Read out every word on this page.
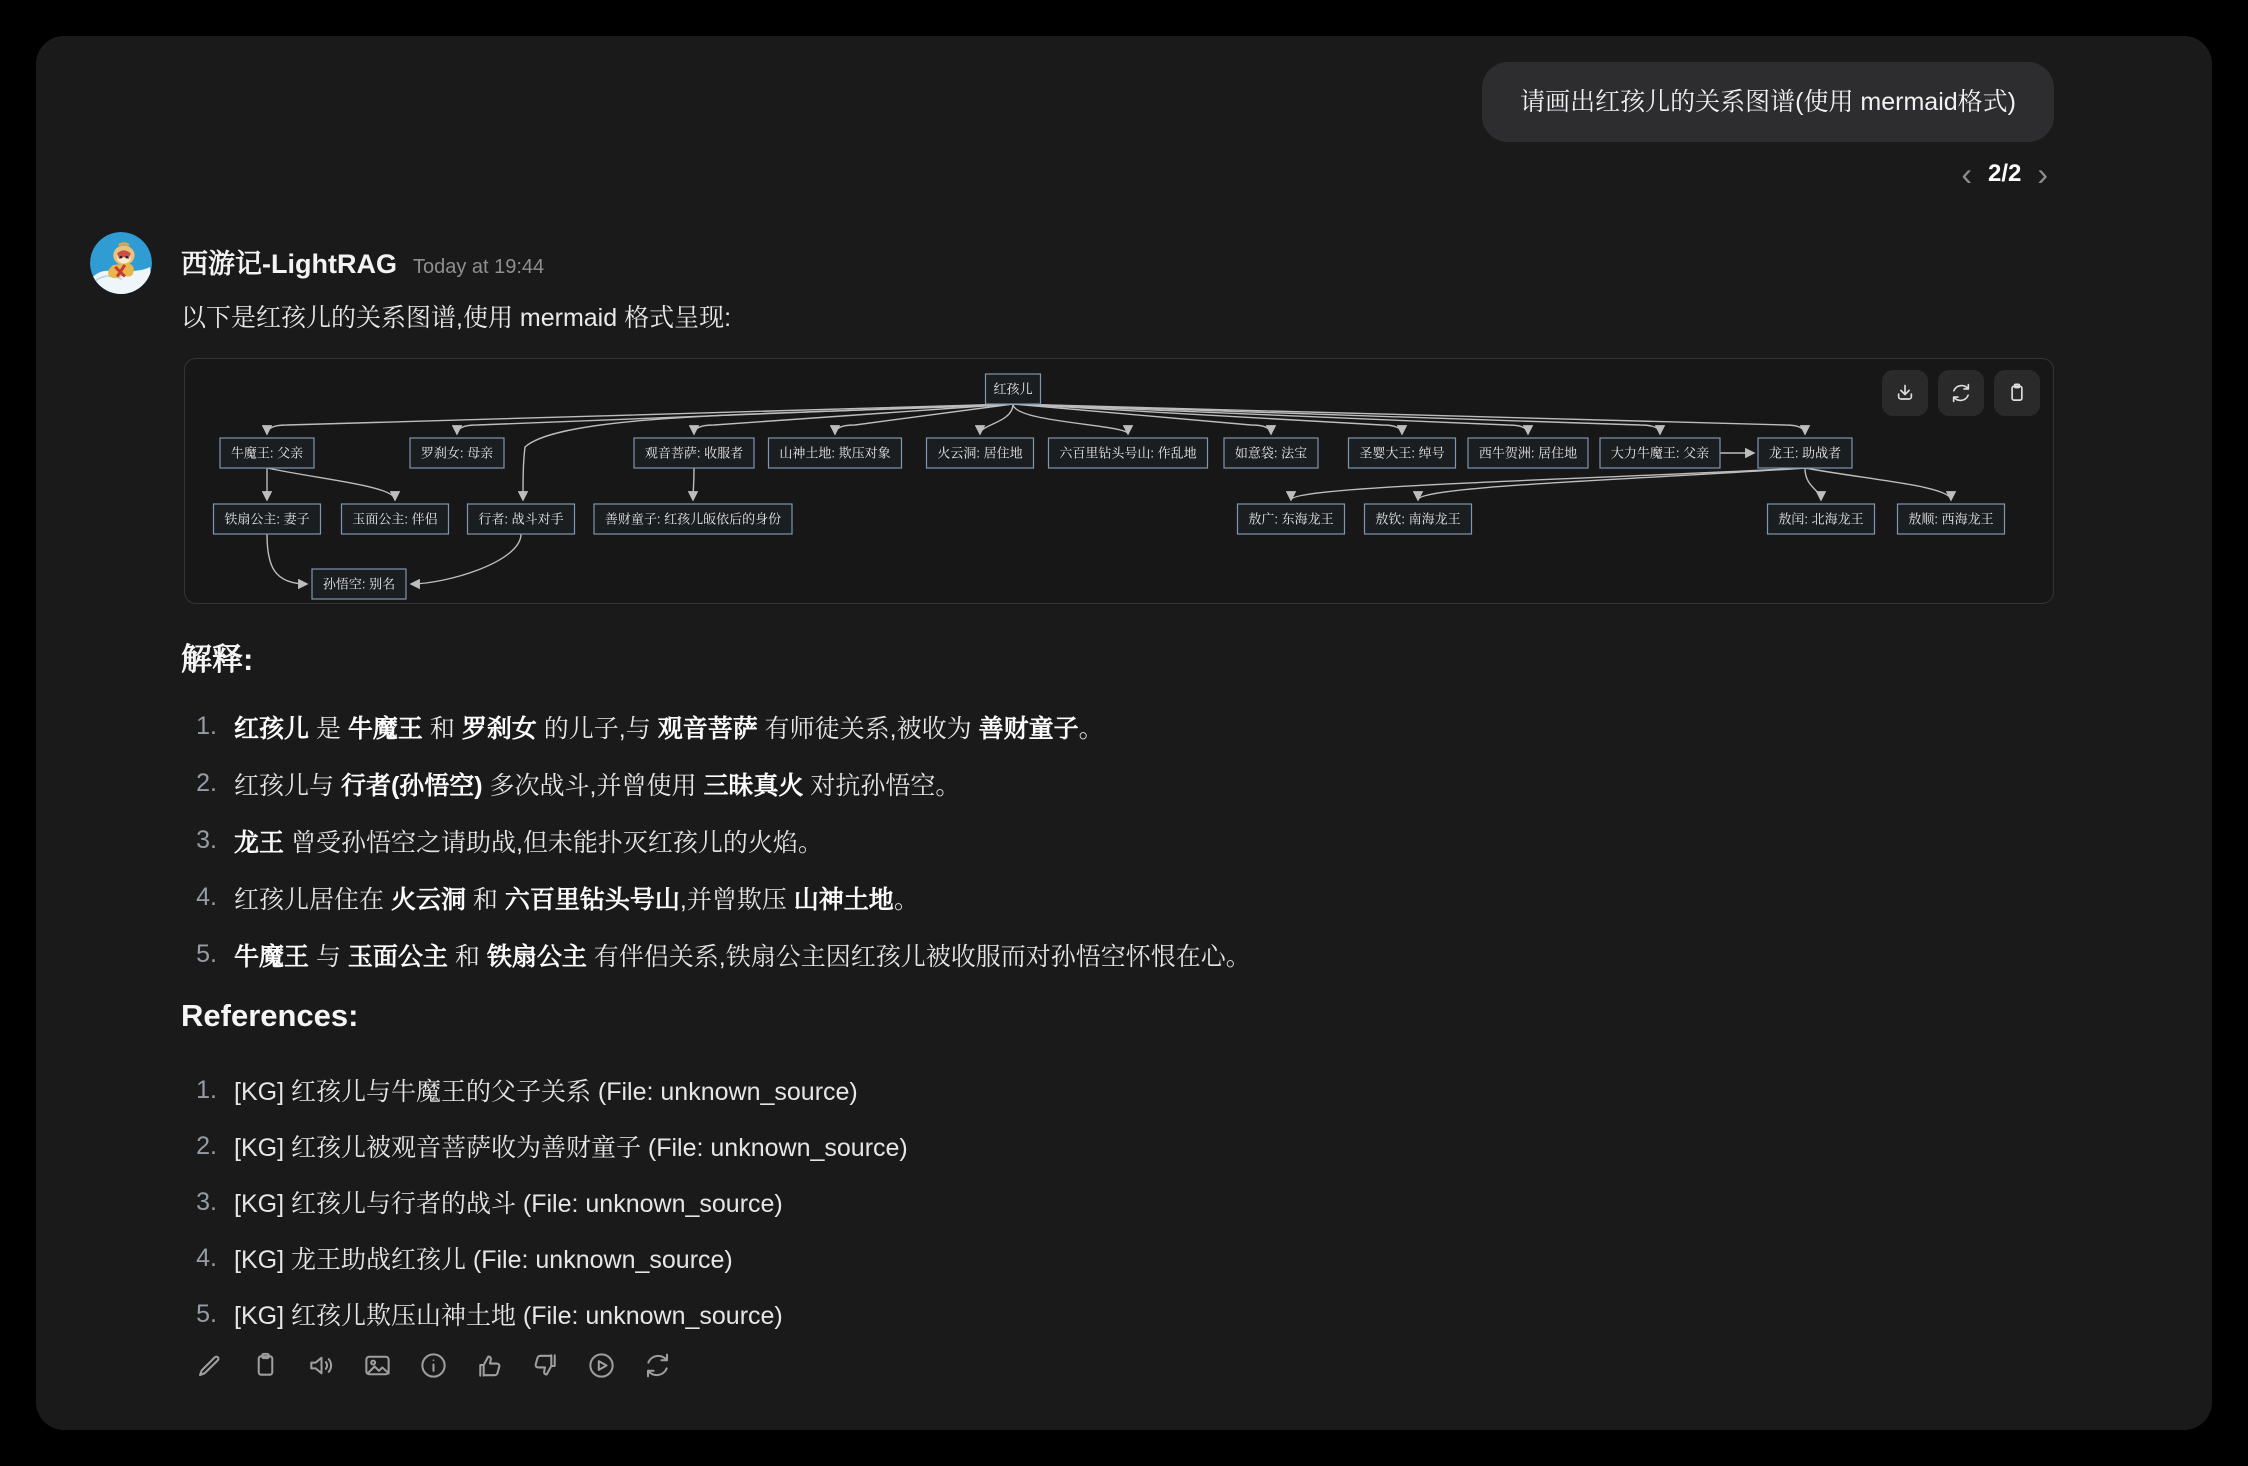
请画出红孩儿的关系图谱(使用 mermaid格式)
‹ 2/2 ›
西游记-LightRAG Today at 19:44
以下是红孩儿的关系图谱,使用 mermaid 格式呈现:
红孩儿
牛魔王: 父亲	罗刹女: 母亲	观音菩萨: 收服者	山神土地: 欺压对象	火云洞: 居住地	六百里钻头号山: 作乱地	如意袋: 法宝	圣婴大王: 绰号	西牛贺洲: 居住地	大力牛魔王: 父亲	龙王: 助战者
铁扇公主: 妻子	玉面公主: 伴侣	行者: 战斗对手	善财童子: 红孩儿皈依后的身份	敖广: 东海龙王	敖钦: 南海龙王	敖闰: 北海龙王	敖顺: 西海龙王
孙悟空: 别名
解释:
红孩儿 是 牛魔王 和 罗刹女 的儿子,与 观音菩萨 有师徒关系,被收为 善财童子。
红孩儿与 行者(孙悟空) 多次战斗,并曾使用 三昧真火 对抗孙悟空。
龙王 曾受孙悟空之请助战,但未能扑灭红孩儿的火焰。
红孩儿居住在 火云洞 和 六百里钻头号山,并曾欺压 山神土地。
牛魔王 与 玉面公主 和 铁扇公主 有伴侣关系,铁扇公主因红孩儿被收服而对孙悟空怀恨在心。
References:
[KG] 红孩儿与牛魔王的父子关系 (File: unknown_source)
[KG] 红孩儿被观音菩萨收为善财童子 (File: unknown_source)
[KG] 红孩儿与行者的战斗 (File: unknown_source)
[KG] 龙王助战红孩儿 (File: unknown_source)
[KG] 红孩儿欺压山神土地 (File: unknown_source)
